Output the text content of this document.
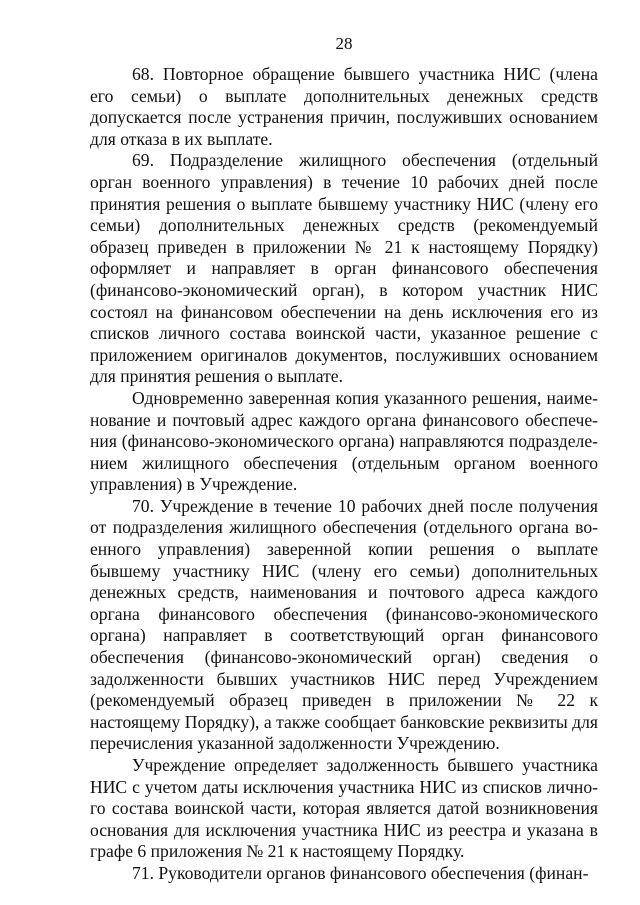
28

68. Повторное обращение бывшего участника НИС (члена его семьи) о выплате дополнительных денежных средств допускается после устранения причин, послуживших основанием для отказа в их выплате.

69. Подразделение жилищного обеспечения (отдельный орган военного управления) в течение 10 рабочих дней после принятия решения о выплате бывшему участнику НИС (члену его семьи) дополнительных денежных средств (рекомендуемый образец приведен в приложении № 21 к настоящему Порядку) оформляет и направляет в орган финансового обеспечения (финансово-экономический орган), в котором участник НИС состоял на финансовом обеспечении на день исключения его из списков личного состава воинской части, указанное решение с приложением оригиналов документов, послуживших основанием для принятия решения о выплате.

Одновременно заверенная копия указанного решения, наименование и почтовый адрес каждого органа финансового обеспечения (финансово-экономического органа) направляются подразделением жилищного обеспечения (отдельным органом военного управления) в Учреждение.

70. Учреждение в течение 10 рабочих дней после получения от подразделения жилищного обеспечения (отдельного органа военного управления) заверенной копии решения о выплате бывшему участнику НИС (члену его семьи) дополнительных денежных средств, наименования и почтового адреса каждого органа финансового обеспечения (финансово-экономического органа) направляет в соответствующий орган финансового обеспечения (финансово-экономический орган) сведения о задолженности бывших участников НИС перед Учреждением (рекомендуемый образец приведен в приложении № 22 к настоящему Порядку), а также сообщает банковские реквизиты для перечисления указанной задолженности Учреждению.

Учреждение определяет задолженность бывшего участника НИС с учетом даты исключения участника НИС из списков личного состава воинской части, которая является датой возникновения основания для исключения участника НИС из реестра и указана в графе 6 приложения № 21 к настоящему Порядку.

71. Руководители органов финансового обеспечения (финан-
